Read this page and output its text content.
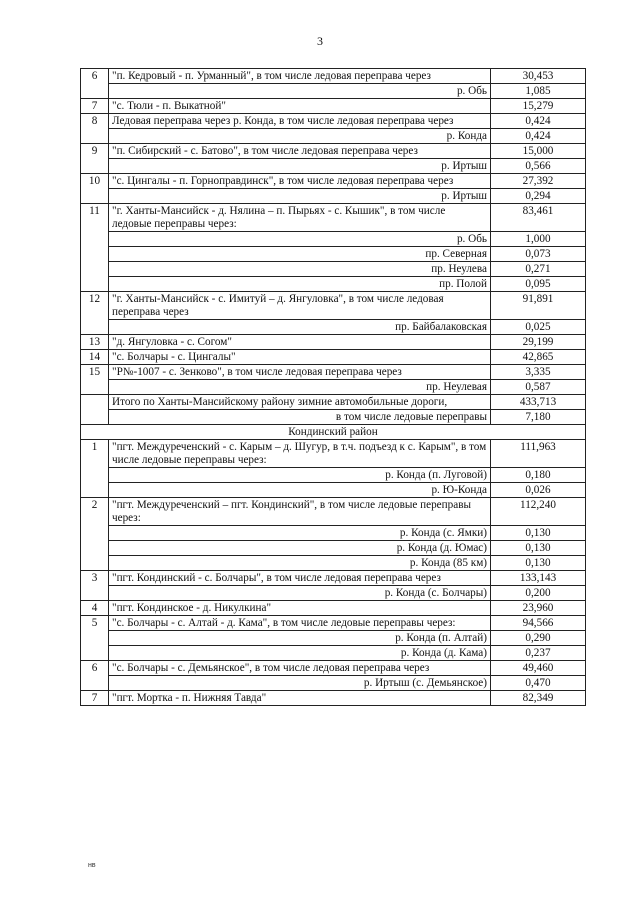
3
6	"п. Кедровый - п. Урманный", в том числе ледовая переправа через	30,453
	р. Обь	1,085
7	"с. Тюли - п. Выкатной"	15,279
8	Ледовая переправа через р. Конда, в том числе ледовая переправа через	0,424
	р. Конда	0,424
9	"п. Сибирский - с. Батово", в том числе ледовая переправа через	15,000
	р. Иртыш	0,566
10	"с. Цингалы - п. Горноправдинск", в том числе ледовая переправа через	27,392
	р. Иртыш	0,294
11	"г. Ханты-Мансийск - д. Нялина – п. Пырьях - с. Кышик", в том числе ледовые переправы через:	83,461
	р. Обь	1,000
	пр. Северная	0,073
	пр. Неулева	0,271
	пр. Полой	0,095
12	"г. Ханты-Мансийск - с. Имитуй – д. Янгуловка", в том числе ледовая переправа через	91,891
	пр. Байбалаковская	0,025
13	"д. Янгуловка - с. Согом"	29,199
14	"с. Болчары - с. Цингалы"	42,865
15	"Р№-1007 - с. Зенково", в том числе ледовая переправа через	3,335
	пр. Неулевая	0,587
	Итого по Ханты-Мансийскому району зимние автомобильные дороги,	433,713
	в том числе ледовые переправы	7,180
Кондинский район		
1	"пгт. Междуреченский - с. Карым – д. Шугур, в т.ч. подъезд к с. Карым", в том числе ледовые переправы через:	111,963
	р. Конда (п. Луговой)	0,180
	р. Ю-Конда	0,026
2	"пгт. Междуреченский – пгт. Кондинский", в том числе ледовые переправы через:	112,240
	р. Конда (с. Ямки)	0,130
	р. Конда (д. Юмас)	0,130
	р. Конда (85 км)	0,130
3	"пгт. Кондинский - с. Болчары", в том числе ледовая переправа через	133,143
	р. Конда (с. Болчары)	0,200
4	"пгт. Кондинское - д. Никулкина"	23,960
5	"с. Болчары - с. Алтай - д. Кама", в том числе ледовые переправы через:	94,566
	р. Конда (п. Алтай)	0,290
	р. Конда (д. Кама)	0,237
6	"с. Болчары - с. Демьянское", в том числе ледовая переправа через	49,460
	р. Иртыш (с. Демьянское)	0,470
7	"пгт. Мортка - п. Нижняя Тавда"	82,349
нв
